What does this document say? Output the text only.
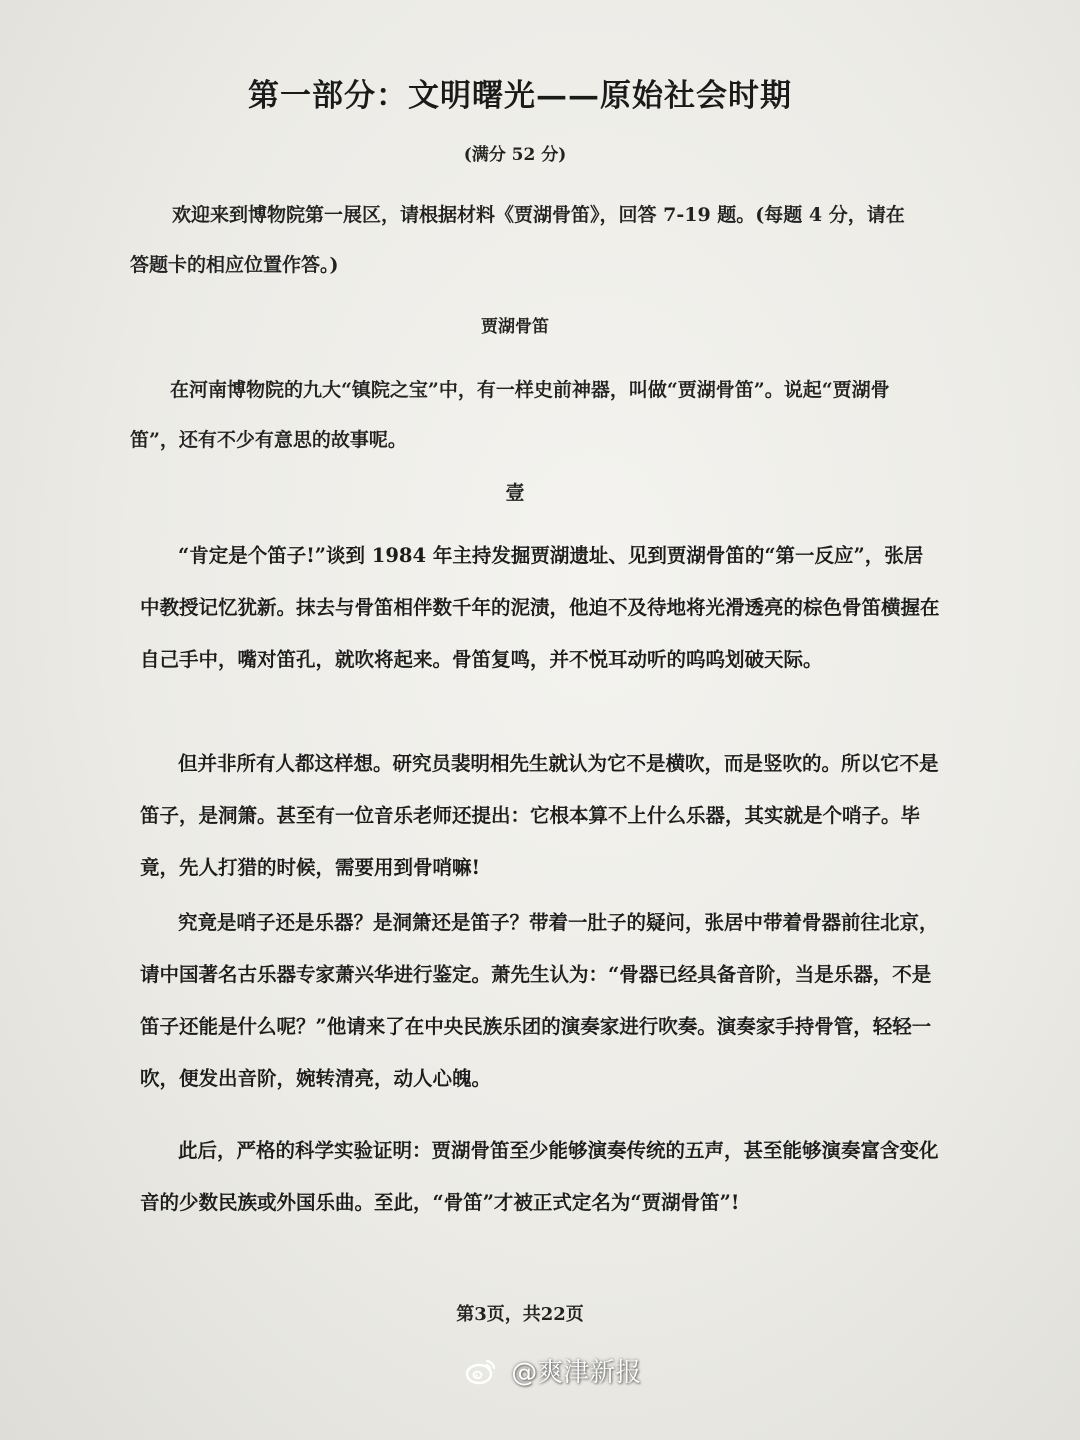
第一部分：文明曙光——原始社会时期
(满分 52 分)
欢迎来到博物院第一展区，请根据材料《贾湖骨笛》，回答 7-19 题。(每题 4 分，请在答题卡的相应位置作答。)
贾湖骨笛
在河南博物院的九大“镇院之宝”中，有一样史前神器，叫做“贾湖骨笛”。说起“贾湖骨笛”，还有不少有意思的故事呢。
壹

“肯定是个笛子!”谈到 1984 年主持发掘贾湖遗址、见到贾湖骨笛的“第一反应”，张居中教授记忆犹新。抹去与骨笛相伴数千年的泥渍，他迫不及待地将光滑透亮的棕色骨笛横握在自己手中，嘴对笛孔，就吹将起来。骨笛复鸣，并不悦耳动听的呜呜划破天际。

但并非所有人都这样想。研究员裴明相先生就认为它不是横吹，而是竖吹的。所以它不是笛子，是洞箫。甚至有一位音乐老师还提出：它根本算不上什么乐器，其实就是个哨子。毕竟，先人打猎的时候，需要用到骨哨嘛!

究竟是哨子还是乐器？是洞箫还是笛子？带着一肚子的疑问，张居中带着骨器前往北京，请中国著名古乐器专家萧兴华进行鉴定。萧先生认为：“骨器已经具备音阶，当是乐器，不是笛子还能是什么呢？”他请来了在中央民族乐团的演奏家进行吹奏。演奏家手持骨管，轻轻一吹，便发出音阶，婉转清亮，动人心魄。

此后，严格的科学实验证明：贾湖骨笛至少能够演奏传统的五声，甚至能够演奏富含变化音的少数民族或外国乐曲。至此，“骨笛”才被正式定名为“贾湖骨笛”!

第3页，共22页
@爽津新报
